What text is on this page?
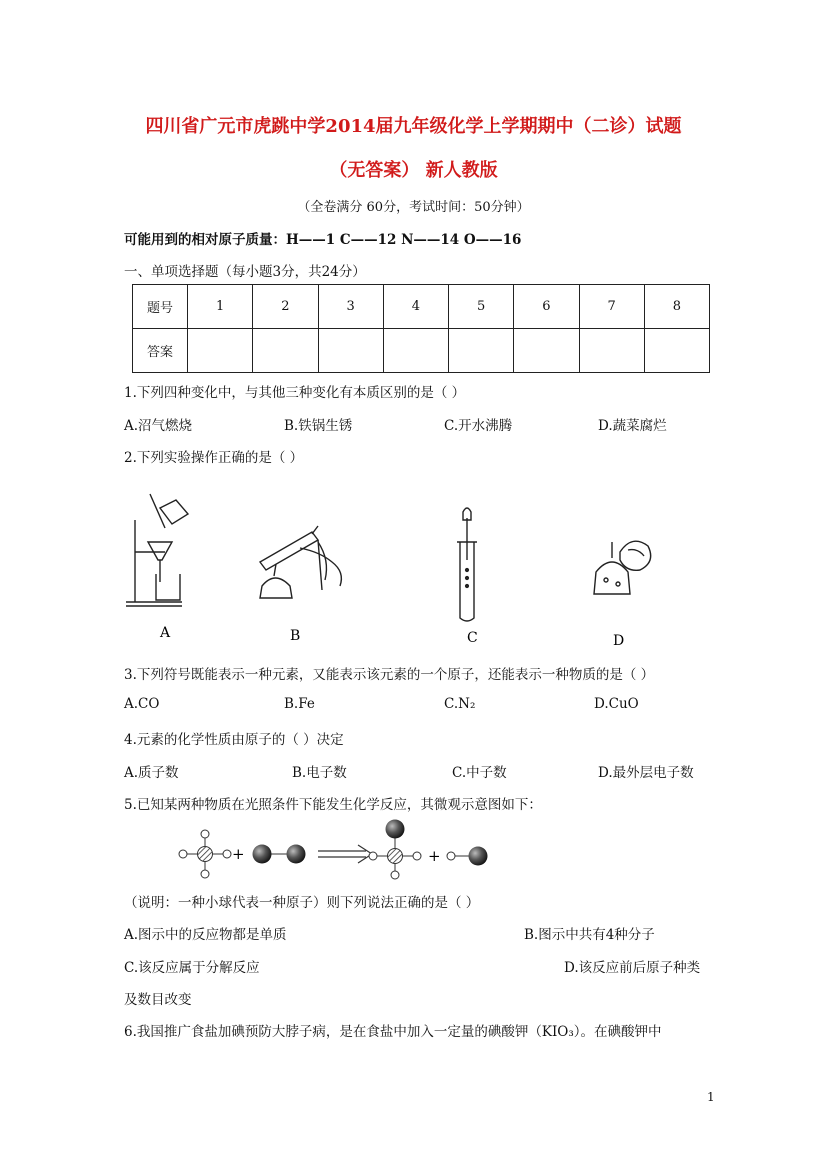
四川省广元市虎跳中学2014届九年级化学上学期期中（二诊）试题
（无答案） 新人教版
（全卷满分 60分，考试时间：50分钟）
可能用到的相对原子质量：H——1 C——12 N——14 O——16
一、单项选择题（每小题3分，共24分）
题号	1	2	3	4	5	6	7	8
答案								
1.下列四种变化中，与其他三种变化有本质区别的是（ ）
A.沼气燃烧	B.铁锅生锈	C.开水沸腾	D.蔬菜腐烂
2.下列实验操作正确的是（ ）
A	B	C	D
3.下列符号既能表示一种元素，又能表示该元素的一个原子，还能表示一种物质的是（ ）
A.CO	B.Fe	C.N₂	D.CuO
4.元素的化学性质由原子的（ ）决定
A.质子数	B.电子数	C.中子数	D.最外层电子数
5.已知某两种物质在光照条件下能发生化学反应，其微观示意图如下：
+	+
（说明：一种小球代表一种原子）则下列说法正确的是（ ）
A.图示中的反应物都是单质	B.图示中共有4种分子
C.该反应属于分解反应	D.该反应前后原子种类
及数目改变
6.我国推广食盐加碘预防大脖子病，是在食盐中加入一定量的碘酸钾（KIO₃）。在碘酸钾中
1
